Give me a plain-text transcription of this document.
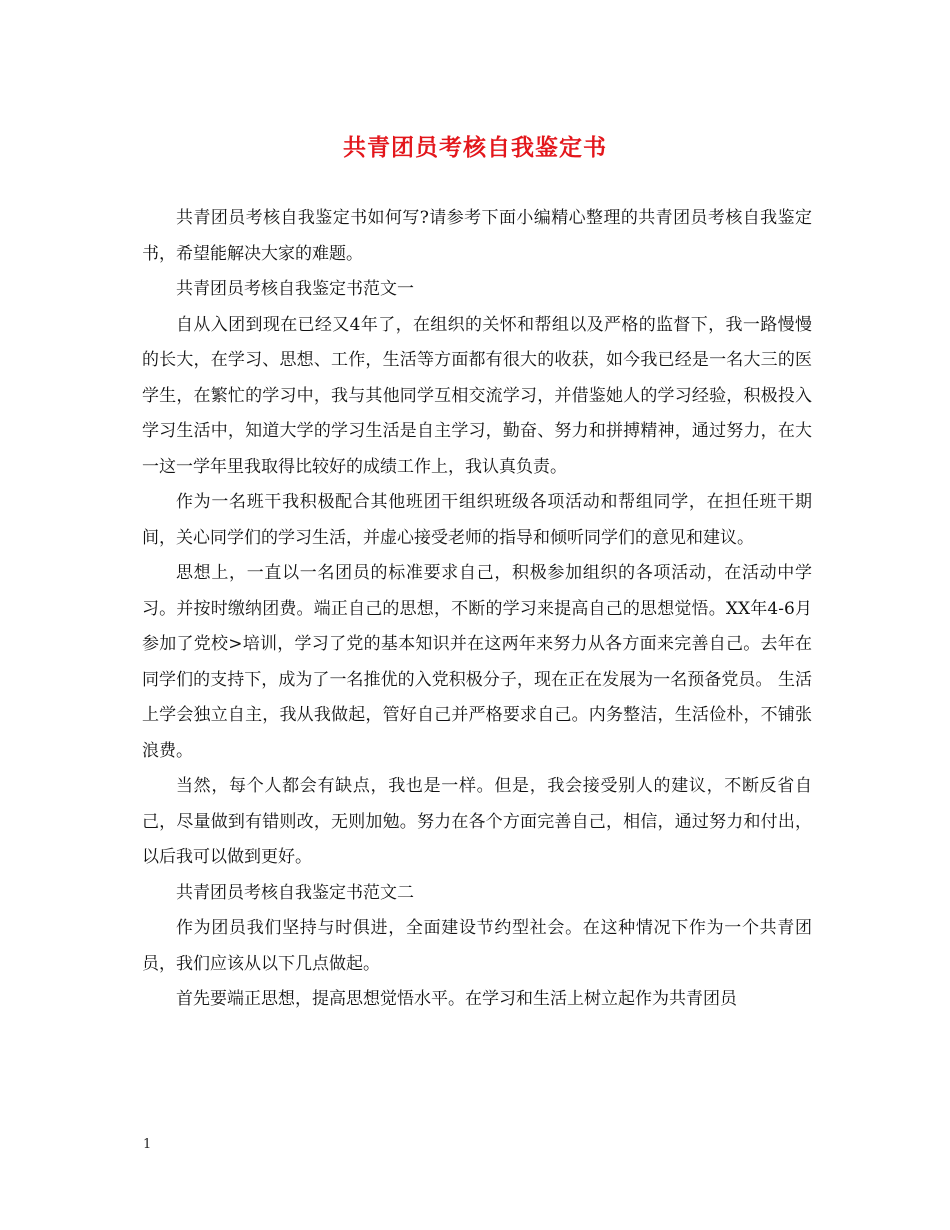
共青团员考核自我鉴定书

共青团员考核自我鉴定书如何写?请参考下面小编精心整理的共青团员考核自我鉴定书，希望能解决大家的难题。

共青团员考核自我鉴定书范文一

自从入团到现在已经又4年了，在组织的关怀和帮组以及严格的监督下，我一路慢慢的长大，在学习、思想、工作，生活等方面都有很大的收获，如今我已经是一名大三的医学生，在繁忙的学习中，我与其他同学互相交流学习，并借鉴她人的学习经验，积极投入学习生活中，知道大学的学习生活是自主学习，勤奋、努力和拼搏精神，通过努力，在大一这一学年里我取得比较好的成绩工作上，我认真负责。

作为一名班干我积极配合其他班团干组织班级各项活动和帮组同学，在担任班干期间，关心同学们的学习生活，并虚心接受老师的指导和倾听同学们的意见和建议。

思想上，一直以一名团员的标准要求自己，积极参加组织的各项活动，在活动中学习。并按时缴纳团费。端正自己的思想，不断的学习来提高自己的思想觉悟。XX年4-6月参加了党校>培训，学习了党的基本知识并在这两年来努力从各方面来完善自己。去年在同学们的支持下，成为了一名推优的入党积极分子，现在正在发展为一名预备党员。 生活上学会独立自主，我从我做起，管好自己并严格要求自己。内务整洁，生活俭朴，不铺张浪费。

当然，每个人都会有缺点，我也是一样。但是，我会接受别人的建议，不断反省自己，尽量做到有错则改，无则加勉。努力在各个方面完善自己，相信，通过努力和付出，以后我可以做到更好。

共青团员考核自我鉴定书范文二

作为团员我们坚持与时俱进，全面建设节约型社会。在这种情况下作为一个共青团员，我们应该从以下几点做起。

首先要端正思想，提高思想觉悟水平。在学习和生活上树立起作为共青团员

1
